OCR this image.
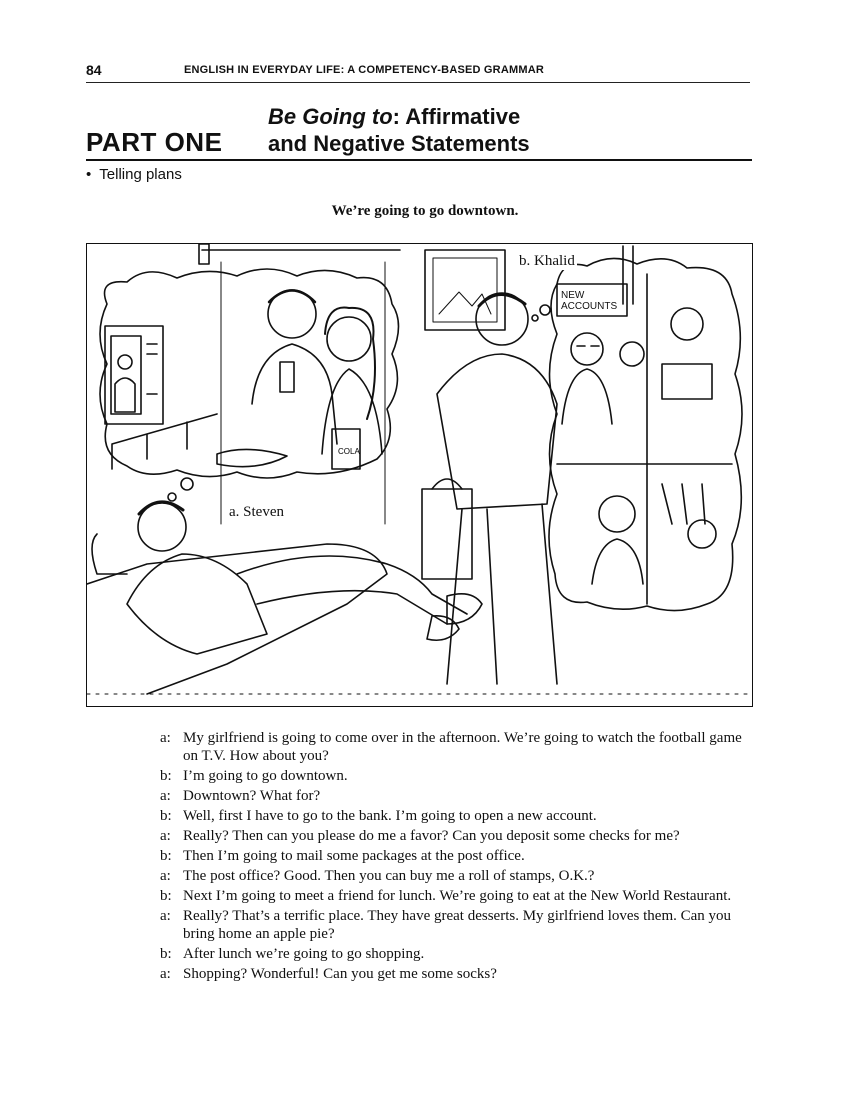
84	ENGLISH IN EVERYDAY LIFE: A COMPETENCY-BASED GRAMMAR
PART ONE
Be Going to: Affirmative
and Negative Statements
• Telling plans
We’re going to go downtown.
COLA
a. Steven
b. Khalid
NEW
ACCOUNTS
a: My girlfriend is going to come over in the afternoon. We’re going to watch the football game on T.V. How about you?
b: I’m going to go downtown.
a: Downtown? What for?
b: Well, first I have to go to the bank. I’m going to open a new account.
a: Really? Then can you please do me a favor? Can you deposit some checks for me?
b: Then I’m going to mail some packages at the post office.
a: The post office? Good. Then you can buy me a roll of stamps, O.K.?
b: Next I’m going to meet a friend for lunch. We’re going to eat at the New World Restaurant.
a: Really? That’s a terrific place. They have great desserts. My girlfriend loves them. Can you bring home an apple pie?
b: After lunch we’re going to go shopping.
a: Shopping? Wonderful! Can you get me some socks?
